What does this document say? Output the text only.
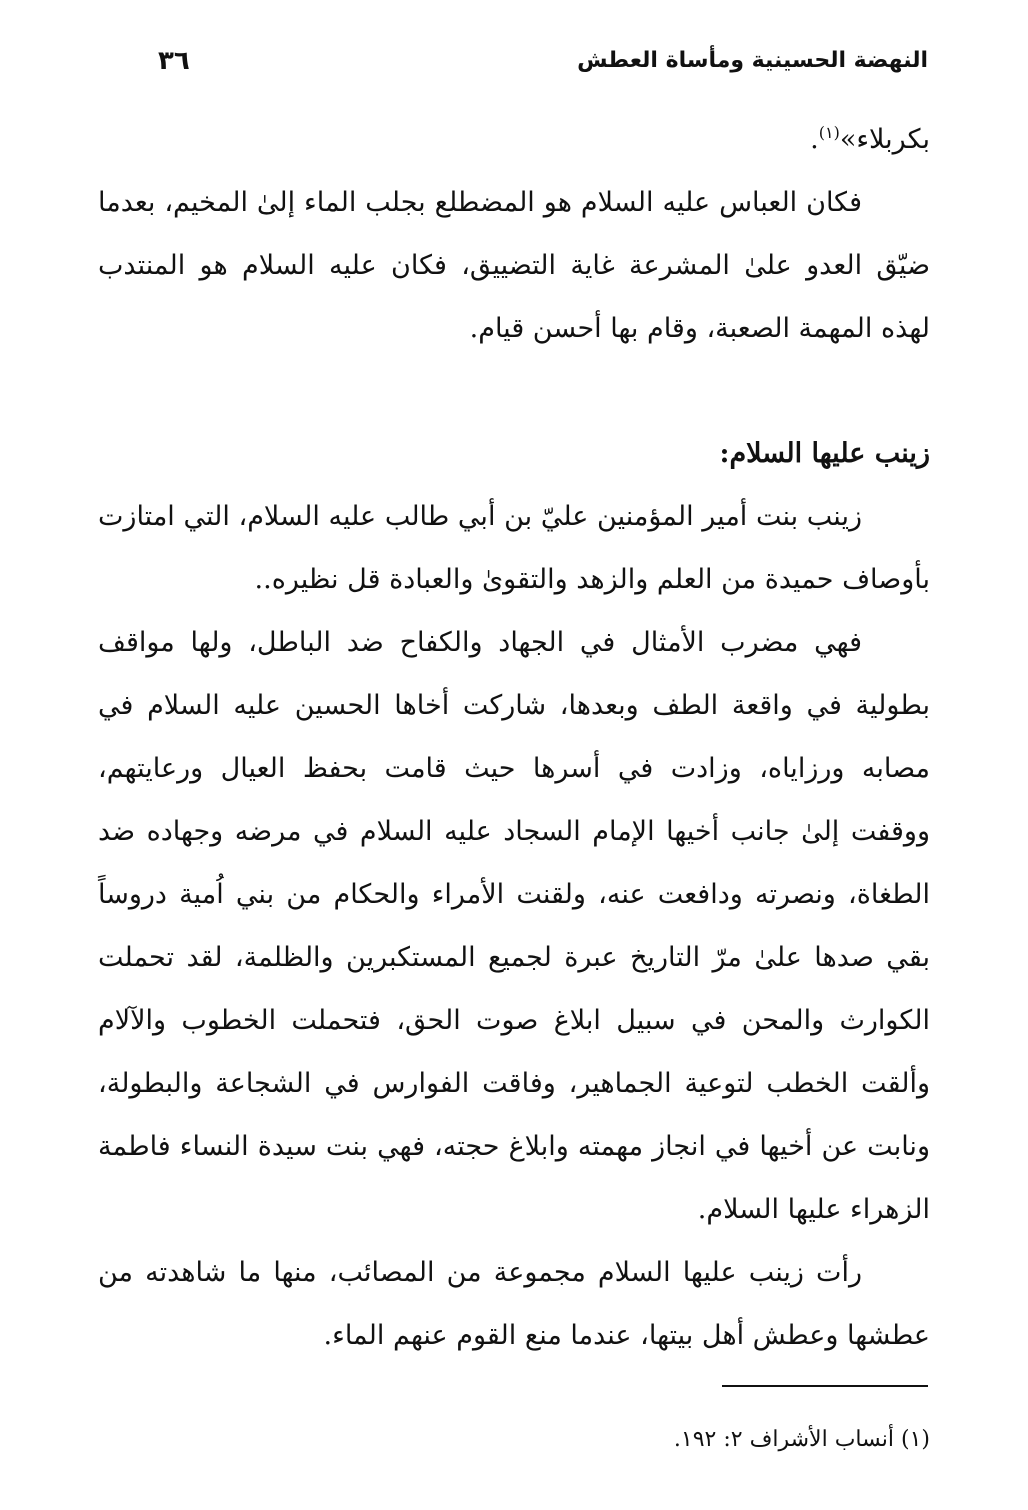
النهضة الحسينية ومأساة العطش
٣٦

بكربلاء»$^{(١)}$.

فكان العباس عليه السلام هو المضطلع بجلب الماء إلىٰ المخيم، بعدما ضيّق العدو علىٰ المشرعة غاية التضييق، فكان عليه السلام هو المنتدب لهذه المهمة الصعبة، وقام بها أحسن قيام.

زينب عليها السلام:

زينب بنت أمير المؤمنين عليّ بن أبي طالب عليه السلام، التي امتازت بأوصاف حميدة من العلم والزهد والتقوىٰ والعبادة قل نظيره..

فهي مضرب الأمثال في الجهاد والكفاح ضد الباطل، ولها مواقف بطولية في واقعة الطف وبعدها، شاركت أخاها الحسين عليه السلام في مصابه ورزاياه، وزادت في أسرها حيث قامت بحفظ العيال ورعايتهم، ووقفت إلىٰ جانب أخيها الإمام السجاد عليه السلام في مرضه وجهاده ضد الطغاة، ونصرته ودافعت عنه، ولقنت الأمراء والحكام من بني اُمية دروساً بقي صدها علىٰ مرّ التاريخ عبرة لجميع المستكبرين والظلمة، لقد تحملت الكوارث والمحن في سبيل ابلاغ صوت الحق، فتحملت الخطوب والآلام وألقت الخطب لتوعية الجماهير، وفاقت الفوارس في الشجاعة والبطولة، ونابت عن أخيها في انجاز مهمته وابلاغ حجته، فهي بنت سيدة النساء فاطمة الزهراء عليها السلام.

رأت زينب عليها السلام مجموعة من المصائب، منها ما شاهدته من عطشها وعطش أهل بيتها، عندما منع القوم عنهم الماء.

(١) أنساب الأشراف ٢: ١٩٢.
